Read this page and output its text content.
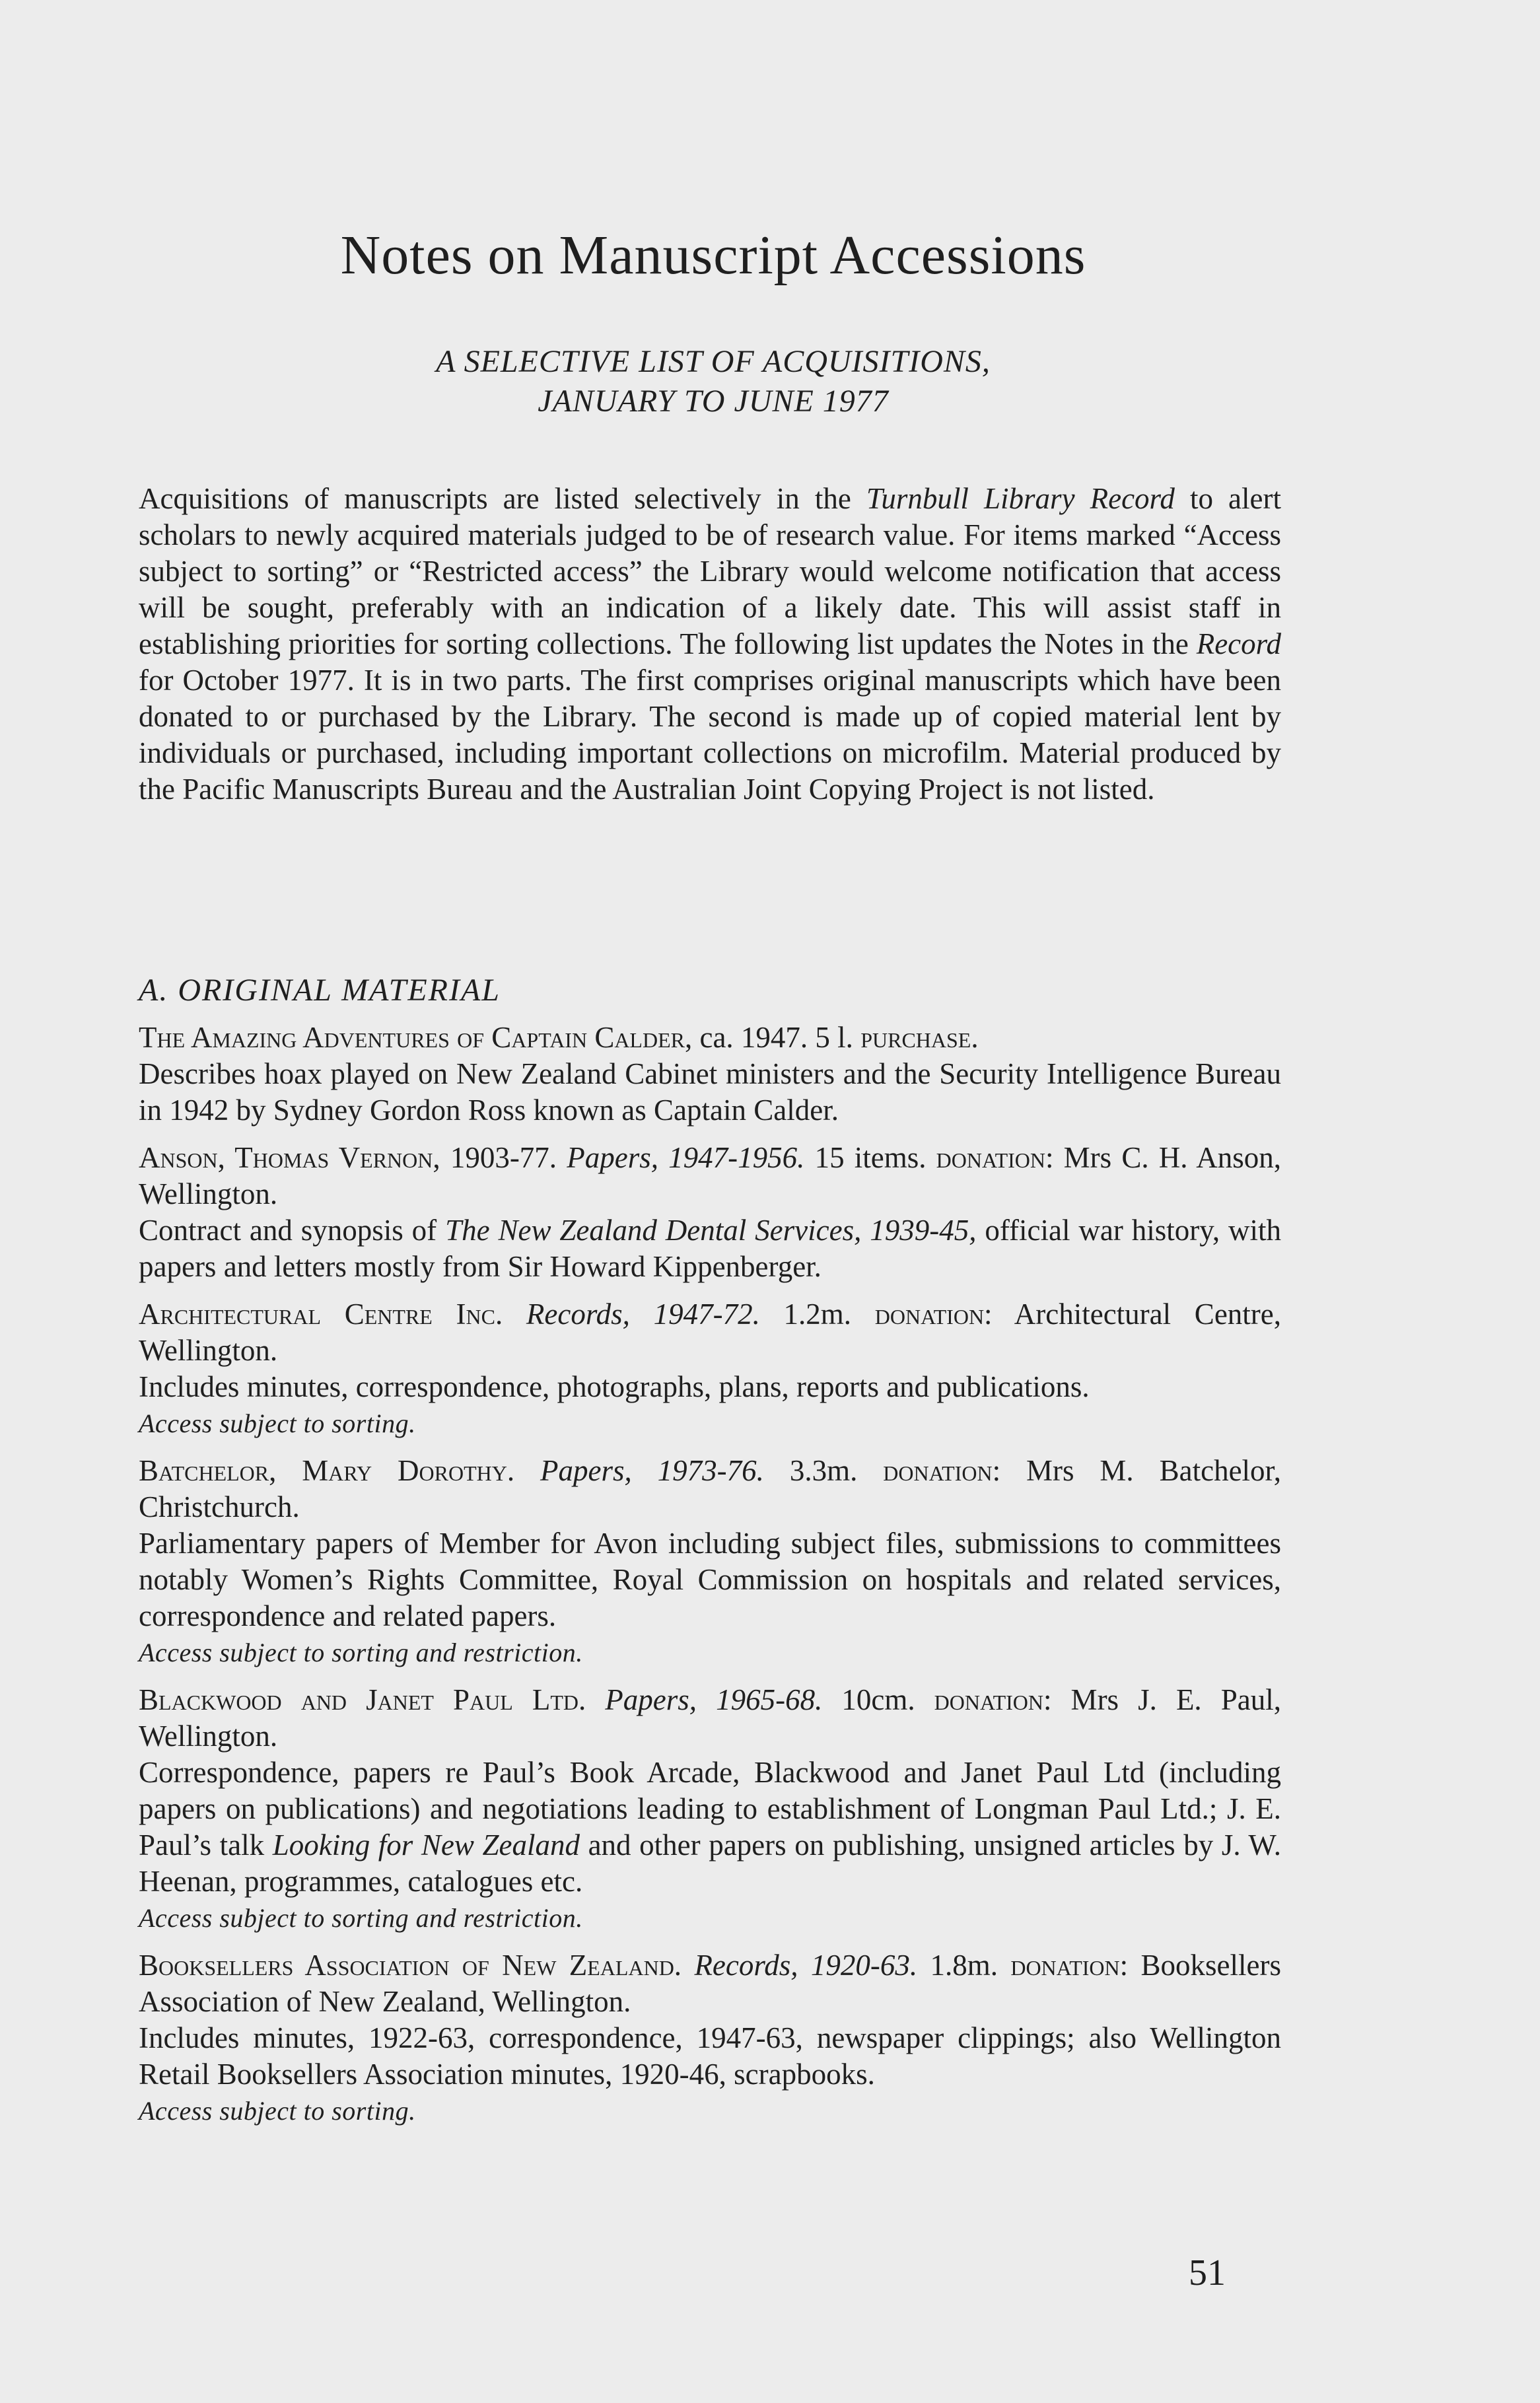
Notes on Manuscript Accessions
A SELECTIVE LIST OF ACQUISITIONS,
JANUARY TO JUNE 1977

Acquisitions of manuscripts are listed selectively in the Turnbull Library Record to alert scholars to newly acquired materials judged to be of research value. For items marked “Access subject to sorting” or “Restricted access” the Library would welcome notification that access will be sought, preferably with an indication of a likely date. This will assist staff in establishing priorities for sorting collections. The following list updates the Notes in the Record for October 1977. It is in two parts. The first comprises original manuscripts which have been donated to or purchased by the Library. The second is made up of copied material lent by individuals or purchased, including important collections on microfilm. Material produced by the Pacific Manuscripts Bureau and the Australian Joint Copying Project is not listed.

A. ORIGINAL MATERIAL

The Amazing Adventures of Captain Calder, ca. 1947. 5 l. purchase.

Describes hoax played on New Zealand Cabinet ministers and the Security Intelligence Bureau in 1942 by Sydney Gordon Ross known as Captain Calder.

Anson, Thomas Vernon, 1903-77. Papers, 1947-1956. 15 items. donation: Mrs C. H. Anson, Wellington.

Contract and synopsis of The New Zealand Dental Services, 1939-45, official war history, with papers and letters mostly from Sir Howard Kippenberger.

Architectural Centre Inc. Records, 1947-72. 1.2m. donation: Architectural Centre, Wellington.

Includes minutes, correspondence, photographs, plans, reports and publications.

Access subject to sorting.

Batchelor, Mary Dorothy. Papers, 1973-76. 3.3m. donation: Mrs M. Batchelor, Christchurch.

Parliamentary papers of Member for Avon including subject files, submissions to committees notably Women’s Rights Committee, Royal Commission on hospitals and related services, correspondence and related papers.

Access subject to sorting and restriction.

Blackwood and Janet Paul Ltd. Papers, 1965-68. 10cm. donation: Mrs J. E. Paul, Wellington.

Correspondence, papers re Paul’s Book Arcade, Blackwood and Janet Paul Ltd (including papers on publications) and negotiations leading to establishment of Longman Paul Ltd.; J. E. Paul’s talk Looking for New Zealand and other papers on publishing, unsigned articles by J. W. Heenan, programmes, catalogues etc.

Access subject to sorting and restriction.

Booksellers Association of New Zealand. Records, 1920-63. 1.8m. donation: Booksellers Association of New Zealand, Wellington.

Includes minutes, 1922-63, correspondence, 1947-63, newspaper clippings; also Wellington Retail Booksellers Association minutes, 1920-46, scrapbooks.

Access subject to sorting.

51
